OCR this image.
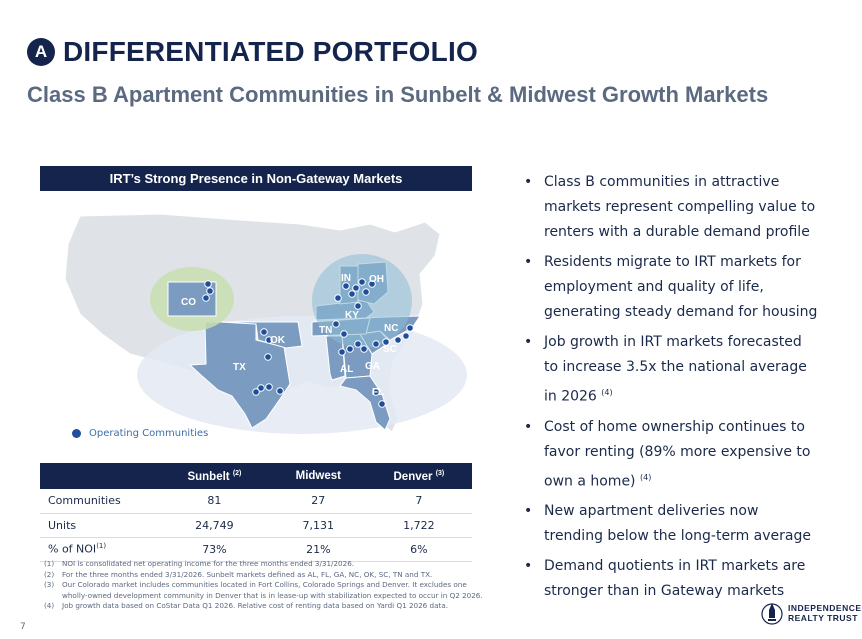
A DIFFERENTIATED PORTFOLIO
Class B Apartment Communities in Sunbelt & Midwest Growth Markets
IRT’s Strong Presence in Non-Gateway Markets
CO
OK
TX
IN OH
KY
TN	NC
SC
GA
AL
FL
Operating Communities
	Sunbelt $^{(2)}$	Midwest	Denver $^{(3)}$
Communities	81	27	7
Units	24,749	7,131	1,722
% of NOI$^{(1)}$	73%	21%	6%
(1)	NOI is consolidated net operating income for the three months ended 3/31/2026.
(2)	For the three months ended 3/31/2026. Sunbelt markets defined as AL, FL, GA, NC, OK, SC, TN and TX.
(3)	Our Colorado market includes communities located in Fort Collins, Colorado Springs and Denver. It excludes one wholly-owned development community in Denver that is in lease-up with stabilization expected to occur in Q2 2026.
(4)	Job growth data based on CoStar Data Q1 2026. Relative cost of renting data based on Yardi Q1 2026 data.
• Class B communities in attractive markets represent compelling value to renters with a durable demand profile
• Residents migrate to IRT markets for employment and quality of life, generating steady demand for housing
• Job growth in IRT markets forecasted to increase 3.5x the national average in 2026 $^{(4)}$
• Cost of home ownership continues to favor renting (89% more expensive to own a home) $^{(4)}$
• New apartment deliveries now trending below the long-term average
• Demand quotients in IRT markets are stronger than in Gateway markets
7
INDEPENDENCE
REALTY TRUST
